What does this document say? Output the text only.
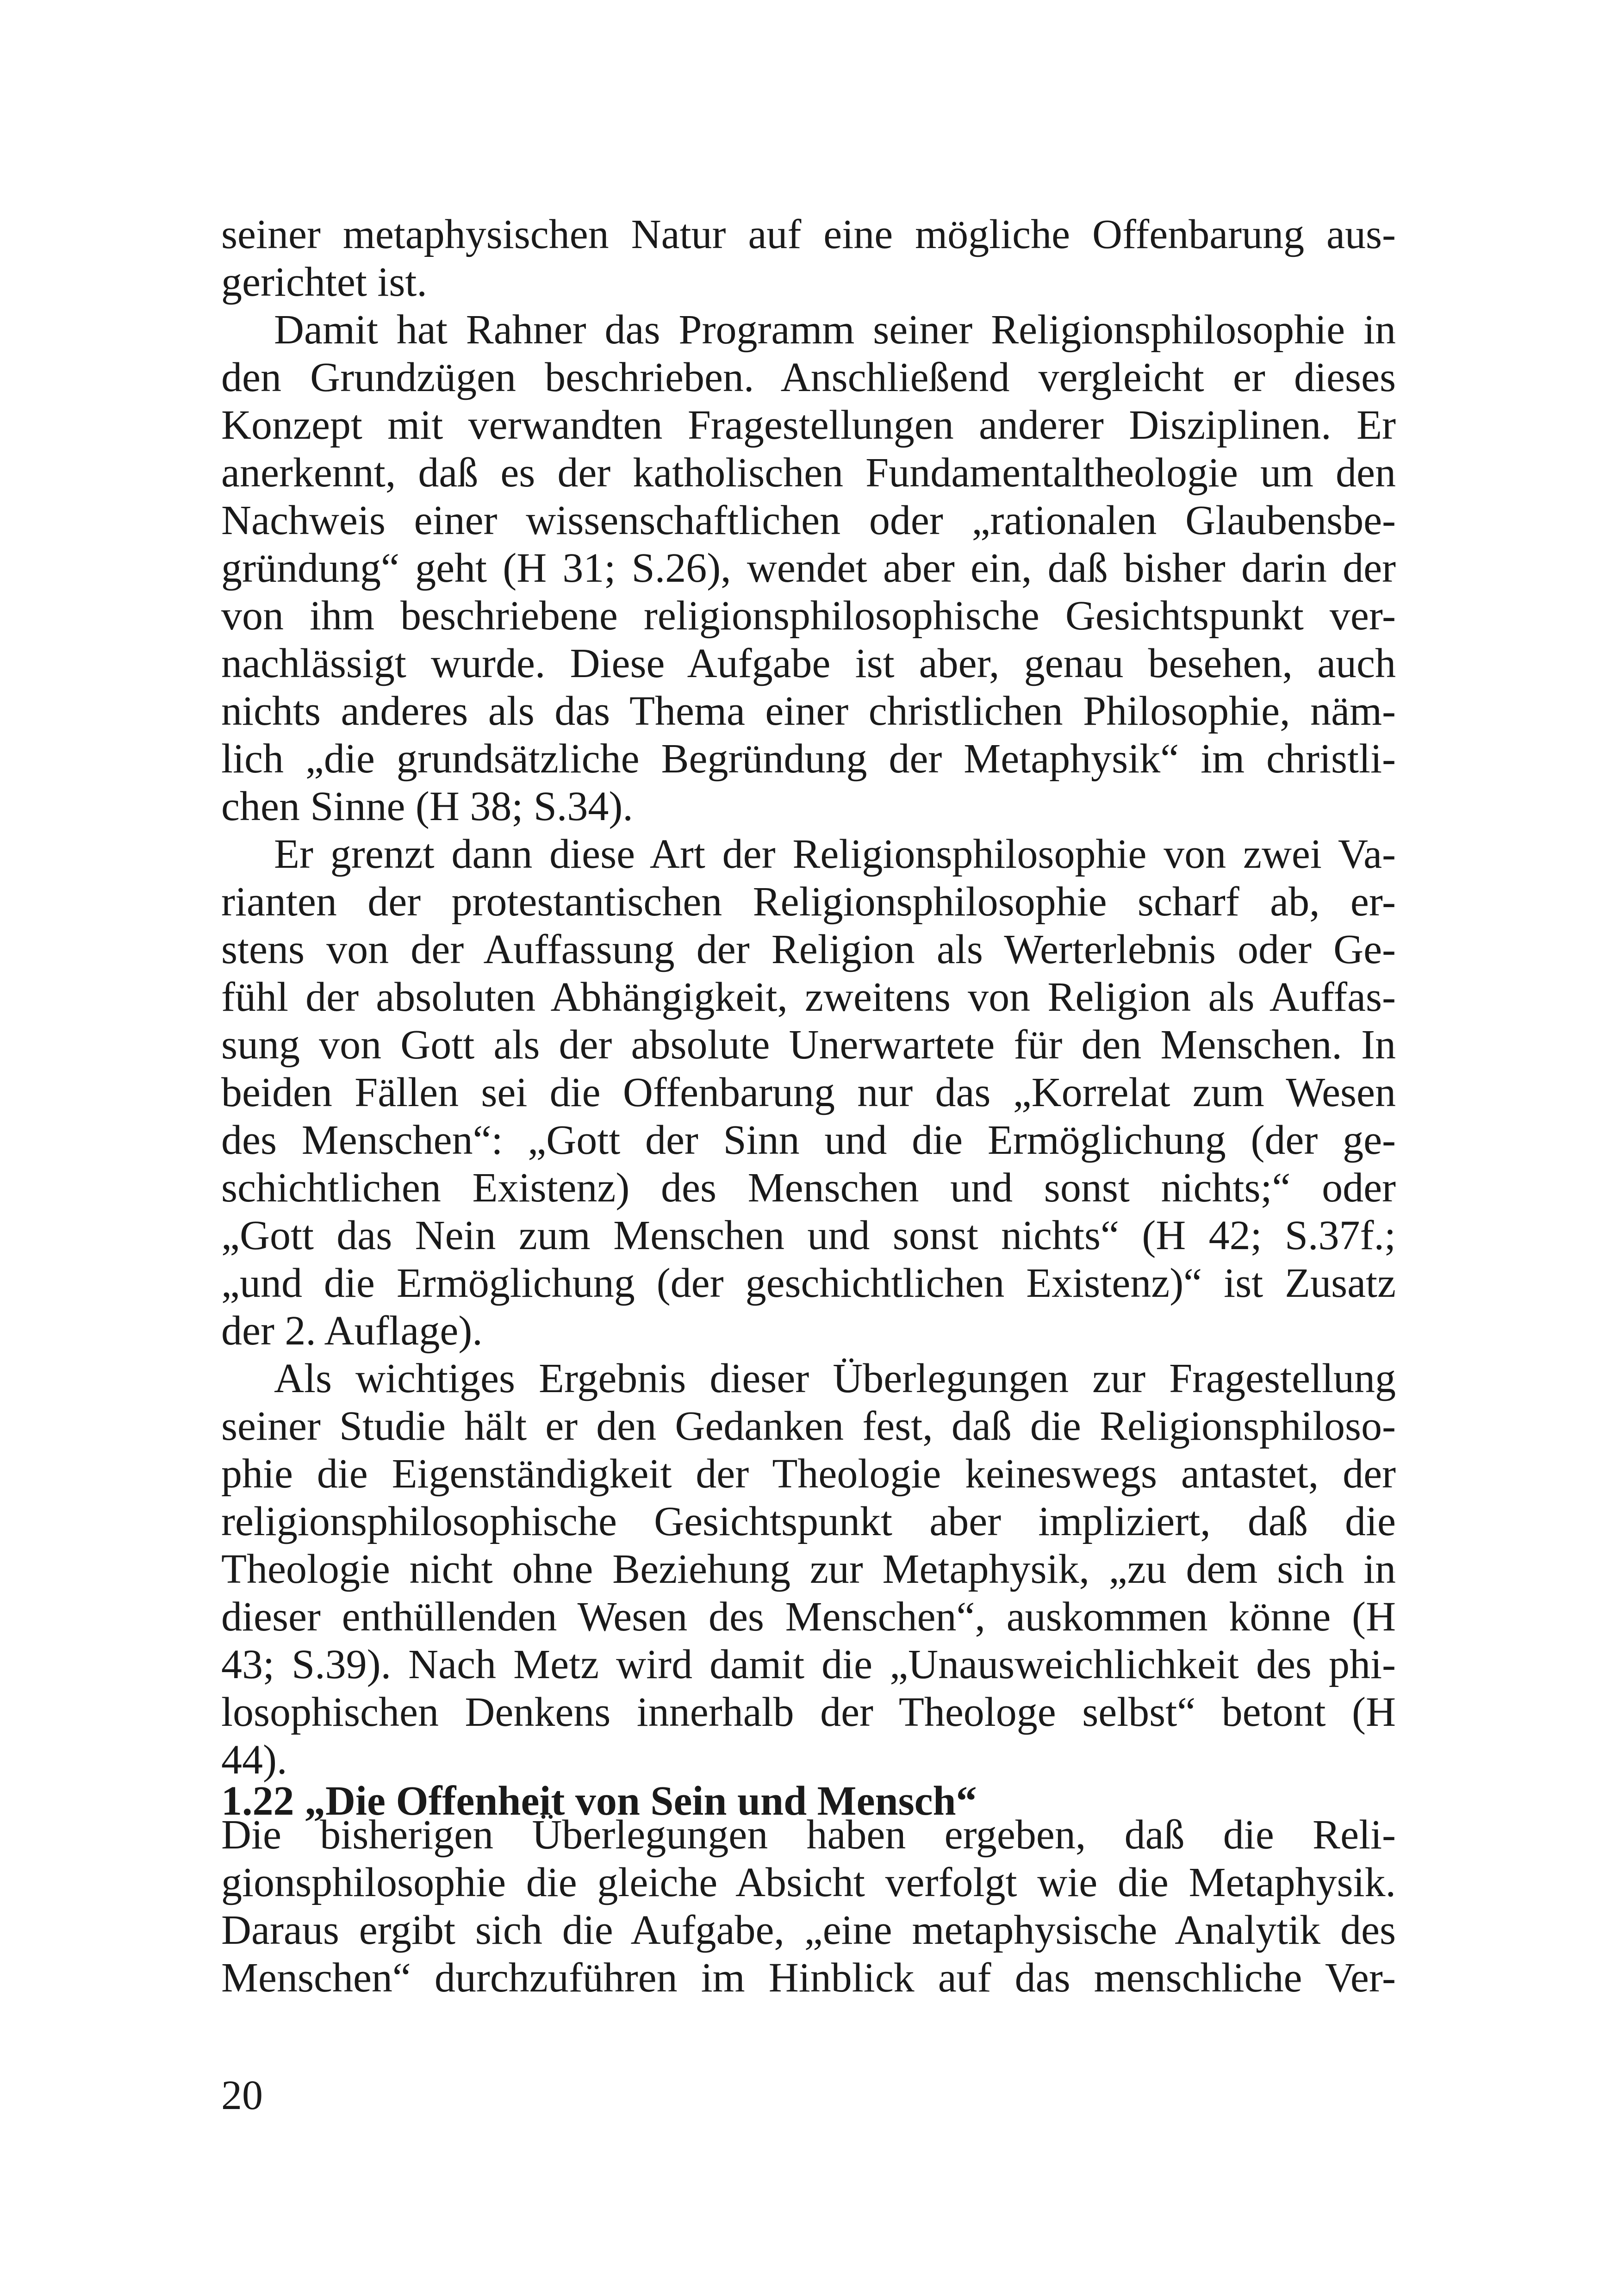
seiner metaphysischen Natur auf eine mögliche Offenbarung aus-
gerichtet ist.
Damit hat Rahner das Programm seiner Religionsphilosophie in
den Grundzügen beschrieben. Anschließend vergleicht er dieses
Konzept mit verwandten Fragestellungen anderer Disziplinen. Er
anerkennt, daß es der katholischen Fundamentaltheologie um den
Nachweis einer wissenschaftlichen oder „rationalen Glaubensbe-
gründung“ geht (H 31; S.26), wendet aber ein, daß bisher darin der
von ihm beschriebene religionsphilosophische Gesichtspunkt ver-
nachlässigt wurde. Diese Aufgabe ist aber, genau besehen, auch
nichts anderes als das Thema einer christlichen Philosophie, näm-
lich „die grundsätzliche Begründung der Metaphysik“ im christli-
chen Sinne (H 38; S.34).
Er grenzt dann diese Art der Religionsphilosophie von zwei Va-
rianten der protestantischen Religionsphilosophie scharf ab, er-
stens von der Auffassung der Religion als Werterlebnis oder Ge-
fühl der absoluten Abhängigkeit, zweitens von Religion als Auffas-
sung von Gott als der absolute Unerwartete für den Menschen. In
beiden Fällen sei die Offenbarung nur das „Korrelat zum Wesen
des Menschen“: „Gott der Sinn und die Ermöglichung (der ge-
schichtlichen Existenz) des Menschen und sonst nichts;“ oder
„Gott das Nein zum Menschen und sonst nichts“ (H 42; S.37f.;
„und die Ermöglichung (der geschichtlichen Existenz)“ ist Zusatz
der 2. Auflage).
Als wichtiges Ergebnis dieser Überlegungen zur Fragestellung
seiner Studie hält er den Gedanken fest, daß die Religionsphiloso-
phie die Eigenständigkeit der Theologie keineswegs antastet, der
religionsphilosophische Gesichtspunkt aber impliziert, daß die
Theologie nicht ohne Beziehung zur Metaphysik, „zu dem sich in
dieser enthüllenden Wesen des Menschen“, auskommen könne (H
43; S.39). Nach Metz wird damit die „Unausweichlichkeit des phi-
losophischen Denkens innerhalb der Theologe selbst“ betont (H
44).
1.22 „Die Offenheit von Sein und Mensch“
Die bisherigen Überlegungen haben ergeben, daß die Reli-
gionsphilosophie die gleiche Absicht verfolgt wie die Metaphysik.
Daraus ergibt sich die Aufgabe, „eine metaphysische Analytik des
Menschen“ durchzuführen im Hinblick auf das menschliche Ver-
20
